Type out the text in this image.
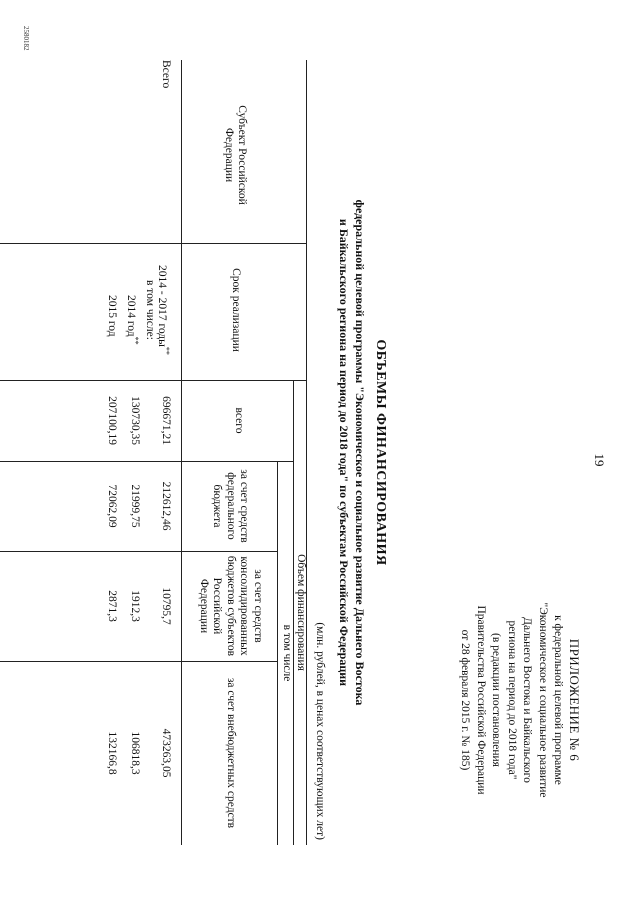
19
ПРИЛОЖЕНИЕ № 6
к федеральной целевой программе
"Экономическое и социальное развитие
Дальнего Востока и Байкальского
региона на период до 2018 года"
(в редакции постановления
Правительства Российской Федерации
от 28 февраля 2015 г. № 185)
ОБЪЕМЫ ФИНАНСИРОВАНИЯ
федеральной целевой программы "Экономическое и социальное развитие Дальнего Востока
и Байкальского региона на период до 2018 года" по субъектам Российской Федерации
(млн. рублей, в ценах соответствующих лет)
Субъект Российской Федерации
Срок реализации
Объем финансирования
всего
в том числе
за счет средств федерального бюджета
за счет средств консолидированных бюджетов субъектов Российской Федерации
за счет внебюджетных средств
Всего
2014 - 2017 годы**
696671,21
212612,46
10795,7
473263,05
в том числе:
2014 год**
130730,35
21999,75
1912,3
106818,3
2015 год
207100,19
72062,09
2871,3
132166,8
2580182
